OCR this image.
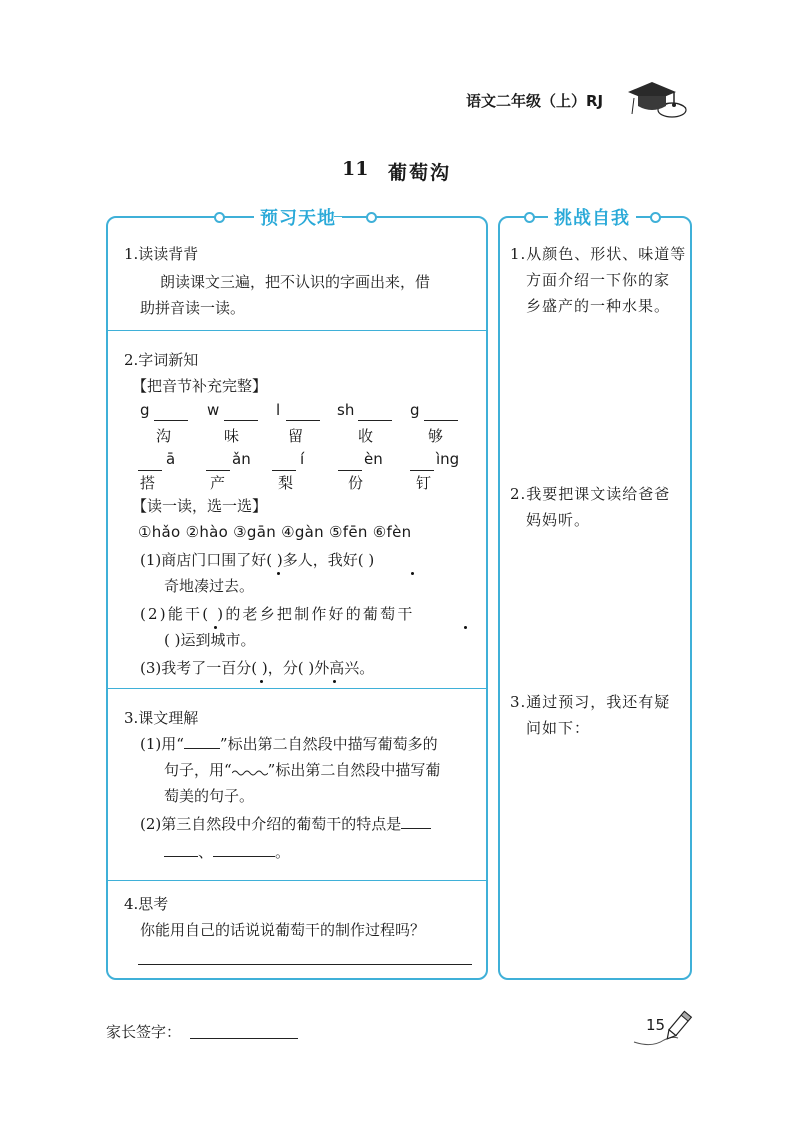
语文二年级（上）RJ
11 葡萄沟
预习天地	挑战自我
1.读读背背
朗读课文三遍，把不认识的字画出来，借
助拼音读一读。
2.字词新知
【把音节补充完整】
g	w	l	sh	g
沟	味	留	收	够
ā	ǎn	í	èn	ìng
搭	产	梨	份	钉
【读一读，选一选】
①hǎo ②hào ③gān ④gàn ⑤fēn ⑥fèn
(1)商店门口围了好( )多人，我好( )
奇地凑过去。
(2)能干( )的老乡把制作好的葡萄干
( )运到城市。
(3)我考了一百分( )，分( )外高兴。
3.课文理解
(1)用“ ”标出第二自然段中描写葡萄多的
句子，用“ ”标出第二自然段中描写葡
萄美的句子。
(2)第三自然段中介绍的葡萄干的特点是
、	。
4.思考
你能用自己的话说说葡萄干的制作过程吗？
1.从颜色、形状、味道等
方面介绍一下你的家
乡盛产的一种水果。
2.我要把课文读给爸爸
妈妈听。
3.通过预习，我还有疑
问如下：
家长签字：	15
